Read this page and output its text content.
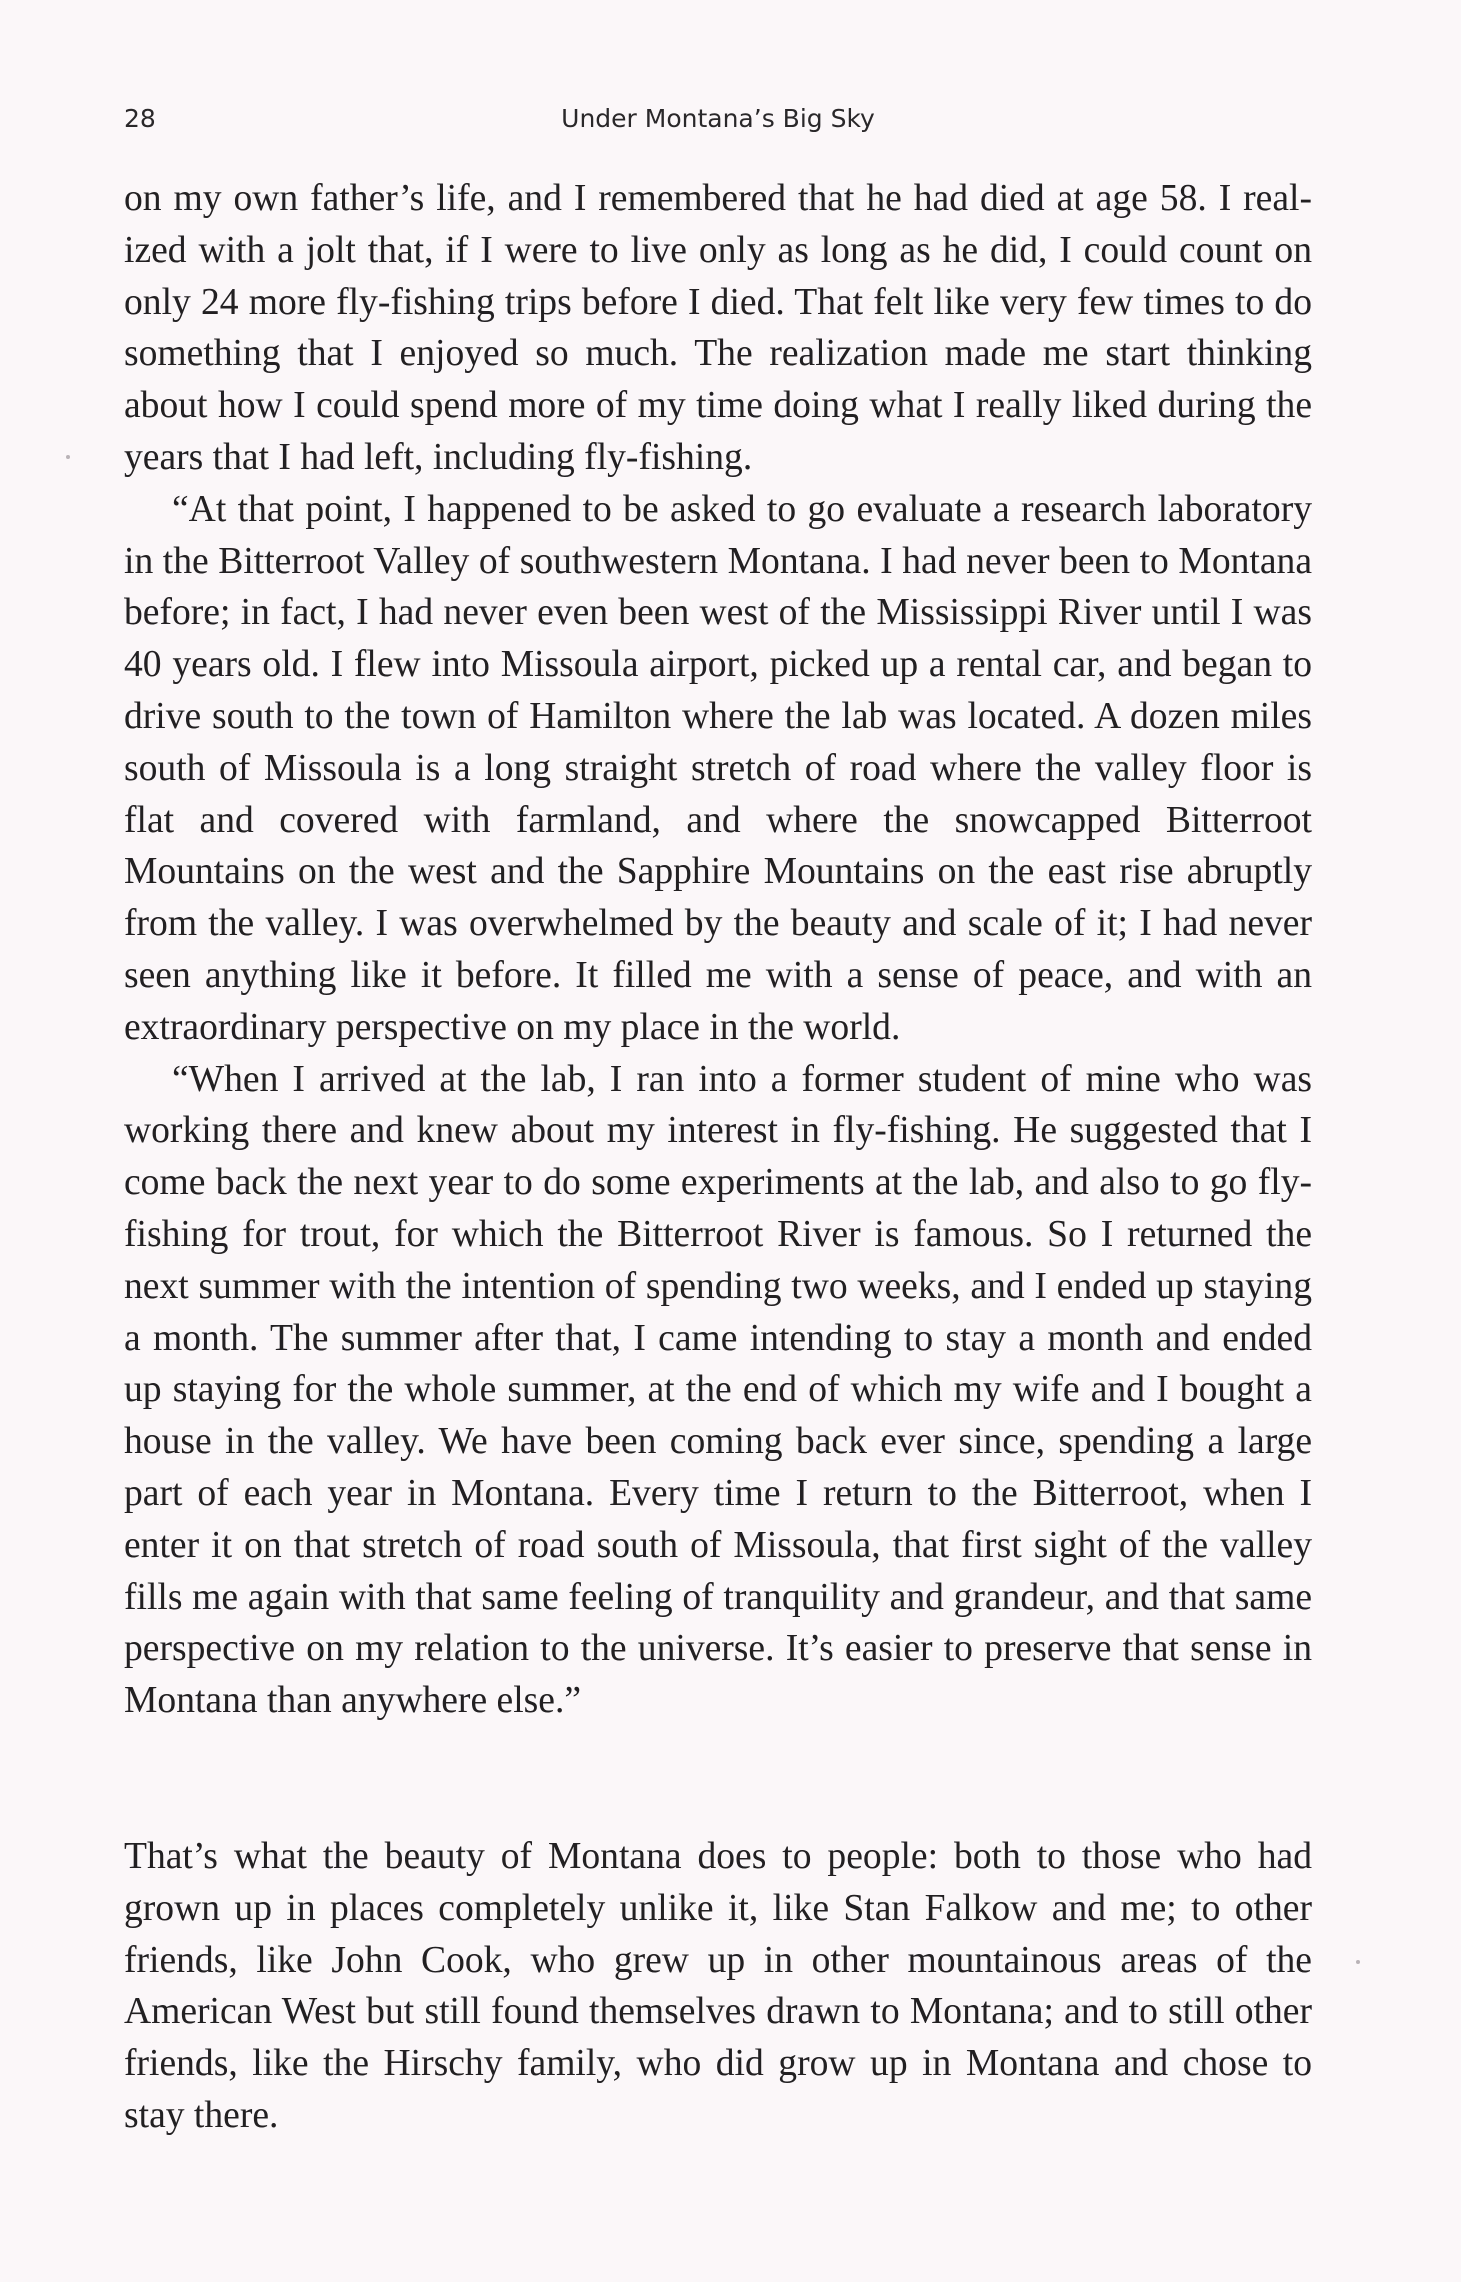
28	Under Montana’s Big Sky

on my own father’s life, and I remembered that he had died at age 58. I realized with a jolt that, if I were to live only as long as he did, I could count on only 24 more fly-fishing trips before I died. That felt like very few times to do something that I enjoyed so much. The realization made me start thinking about how I could spend more of my time doing what I really liked during the years that I had left, including fly-fishing.

“At that point, I happened to be asked to go evaluate a research laboratory in the Bitterroot Valley of southwestern Montana. I had never been to Montana before; in fact, I had never even been west of the Mississippi River until I was 40 years old. I flew into Missoula airport, picked up a rental car, and began to drive south to the town of Hamilton where the lab was located. A dozen miles south of Missoula is a long straight stretch of road where the valley floor is flat and covered with farmland, and where the snowcapped Bitterroot Mountains on the west and the Sapphire Mountains on the east rise abruptly from the valley. I was overwhelmed by the beauty and scale of it; I had never seen anything like it before. It filled me with a sense of peace, and with an extraordinary perspective on my place in the world.

“When I arrived at the lab, I ran into a former student of mine who was working there and knew about my interest in fly-fishing. He suggested that I come back the next year to do some experiments at the lab, and also to go fly-fishing for trout, for which the Bitterroot River is famous. So I returned the next summer with the intention of spending two weeks, and I ended up staying a month. The summer after that, I came intending to stay a month and ended up staying for the whole summer, at the end of which my wife and I bought a house in the valley. We have been coming back ever since, spending a large part of each year in Montana. Every time I return to the Bitterroot, when I enter it on that stretch of road south of Missoula, that first sight of the valley fills me again with that same feeling of tranquility and grandeur, and that same perspective on my relation to the universe. It’s easier to preserve that sense in Montana than anywhere else.”

That’s what the beauty of Montana does to people: both to those who had grown up in places completely unlike it, like Stan Falkow and me; to other friends, like John Cook, who grew up in other mountainous areas of the American West but still found themselves drawn to Montana; and to still other friends, like the Hirschy family, who did grow up in Montana and chose to stay there.
